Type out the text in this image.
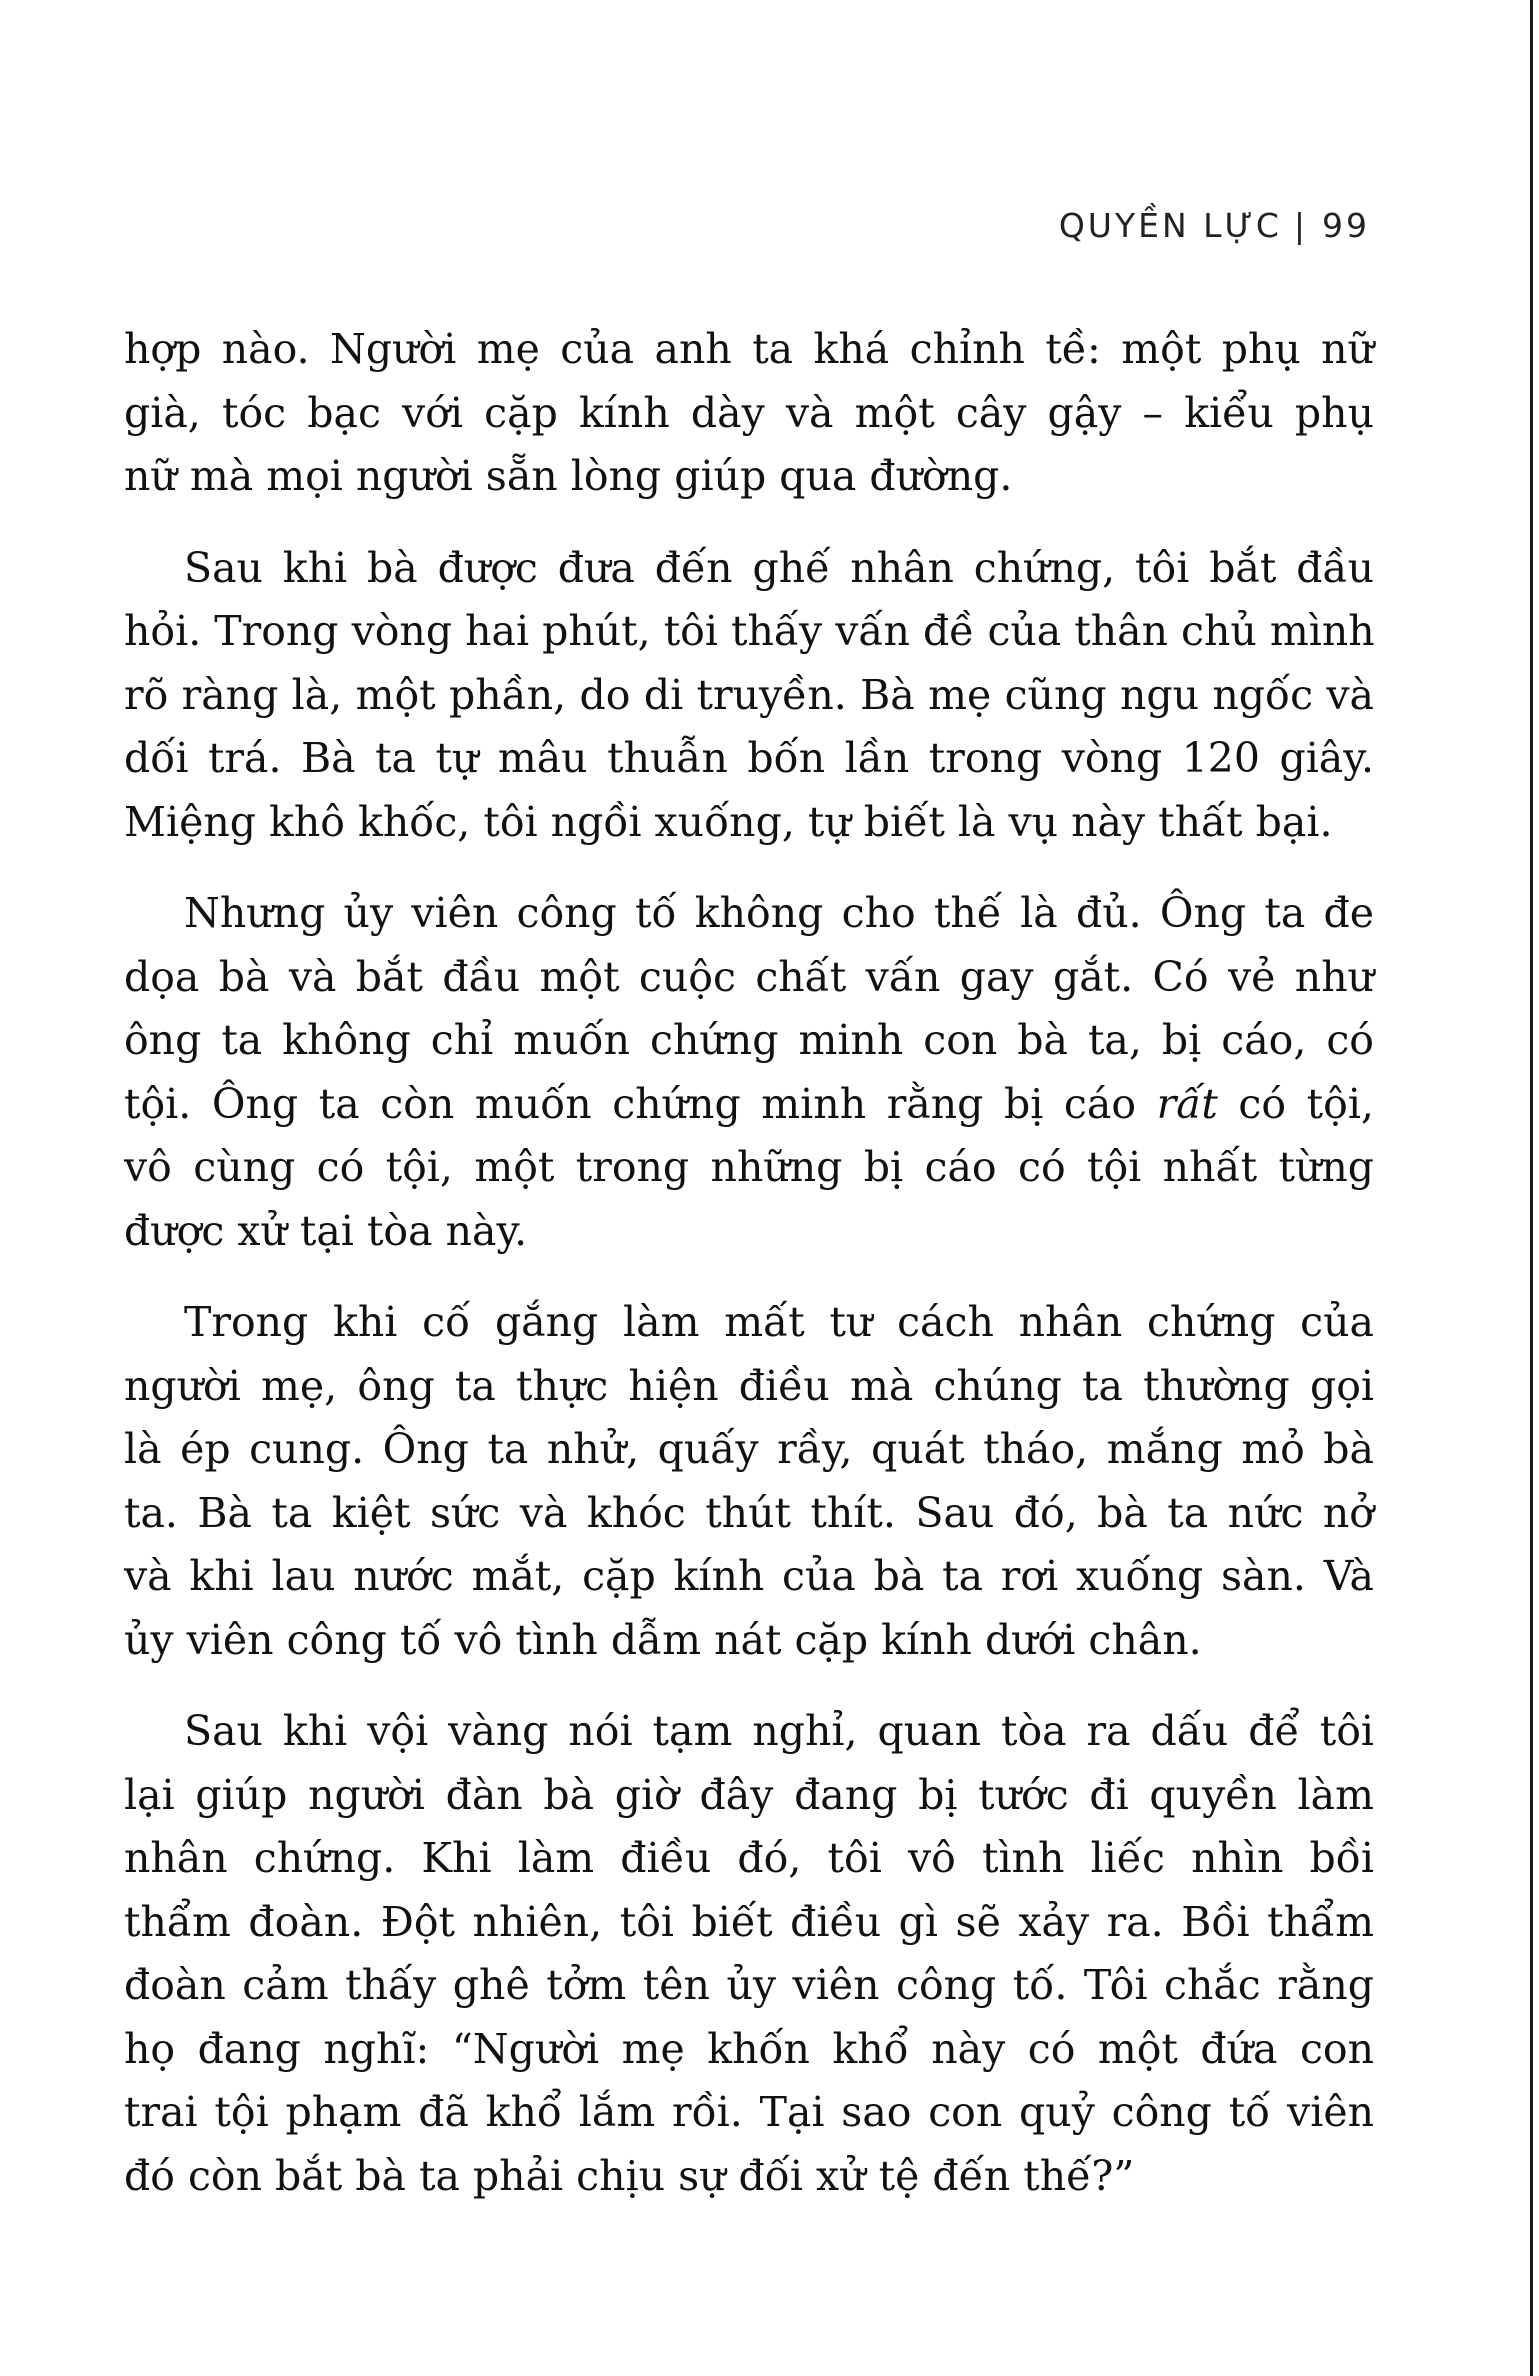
QUYỀN LỰC | 99
hợp nào. Người mẹ của anh ta khá chỉnh tề: một phụ nữ
già, tóc bạc với cặp kính dày và một cây gậy – kiểu phụ
nữ mà mọi người sẵn lòng giúp qua đường.
Sau khi bà được đưa đến ghế nhân chứng, tôi bắt đầu
hỏi. Trong vòng hai phút, tôi thấy vấn đề của thân chủ mình
rõ ràng là, một phần, do di truyền. Bà mẹ cũng ngu ngốc và
dối trá. Bà ta tự mâu thuẫn bốn lần trong vòng 120 giây.
Miệng khô khốc, tôi ngồi xuống, tự biết là vụ này thất bại.
Nhưng ủy viên công tố không cho thế là đủ. Ông ta đe
dọa bà và bắt đầu một cuộc chất vấn gay gắt. Có vẻ như
ông ta không chỉ muốn chứng minh con bà ta, bị cáo, có
tội. Ông ta còn muốn chứng minh rằng bị cáo rất có tội,
vô cùng có tội, một trong những bị cáo có tội nhất từng
được xử tại tòa này.
Trong khi cố gắng làm mất tư cách nhân chứng của
người mẹ, ông ta thực hiện điều mà chúng ta thường gọi
là ép cung. Ông ta nhử, quấy rầy, quát tháo, mắng mỏ bà
ta. Bà ta kiệt sức và khóc thút thít. Sau đó, bà ta nức nở
và khi lau nước mắt, cặp kính của bà ta rơi xuống sàn. Và
ủy viên công tố vô tình dẫm nát cặp kính dưới chân.
Sau khi vội vàng nói tạm nghỉ, quan tòa ra dấu để tôi
lại giúp người đàn bà giờ đây đang bị tước đi quyền làm
nhân chứng. Khi làm điều đó, tôi vô tình liếc nhìn bồi
thẩm đoàn. Đột nhiên, tôi biết điều gì sẽ xảy ra. Bồi thẩm
đoàn cảm thấy ghê tởm tên ủy viên công tố. Tôi chắc rằng
họ đang nghĩ: “Người mẹ khốn khổ này có một đứa con
trai tội phạm đã khổ lắm rồi. Tại sao con quỷ công tố viên
đó còn bắt bà ta phải chịu sự đối xử tệ đến thế?”
